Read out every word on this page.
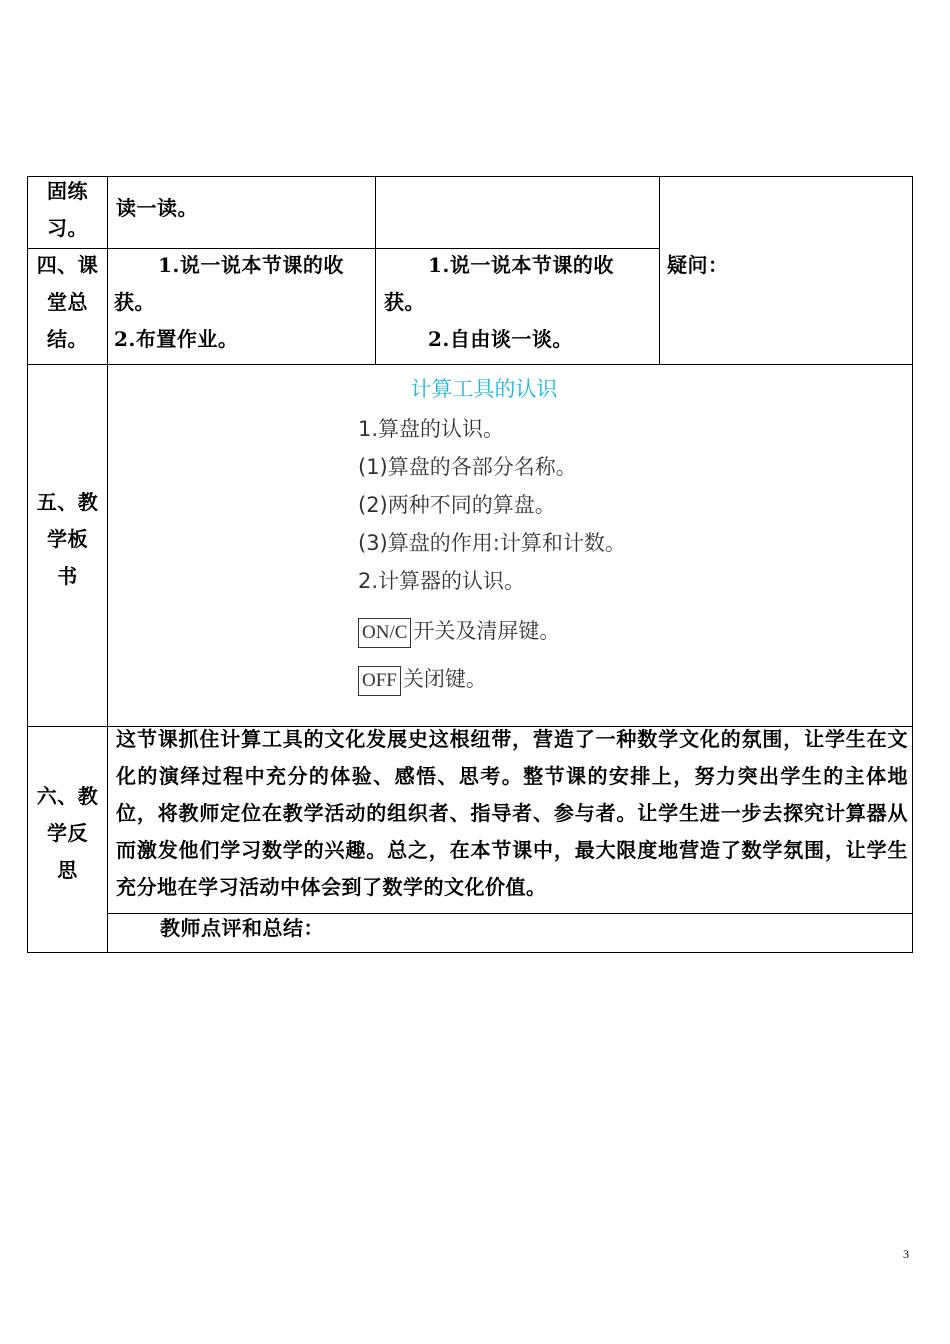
固练
习。
读一读。
四、课
堂总
结。
1.说一说本节课的收获。
2.布置作业。
1.说一说本节课的收获。
2.自由谈一谈。
疑问：
五、教
学板
书
计算工具的认识
1.算盘的认识。
(1)算盘的各部分名称。
(2)两种不同的算盘。
(3)算盘的作用:计算和计数。
2.计算器的认识。
ON/C 开关及清屏键。
OFF 关闭键。
六、教
学反
思
这节课抓住计算工具的文化发展史这根纽带，营造了一种数学文化的氛围，让学生在文化的演绎过程中充分的体验、感悟、思考。整节课的安排上，努力突出学生的主体地位，将教师定位在教学活动的组织者、指导者、参与者。让学生进一步去探究计算器从而激发他们学习数学的兴趣。总之，在本节课中，最大限度地营造了数学氛围，让学生充分地在学习活动中体会到了数学的文化价值。
教师点评和总结：
3
